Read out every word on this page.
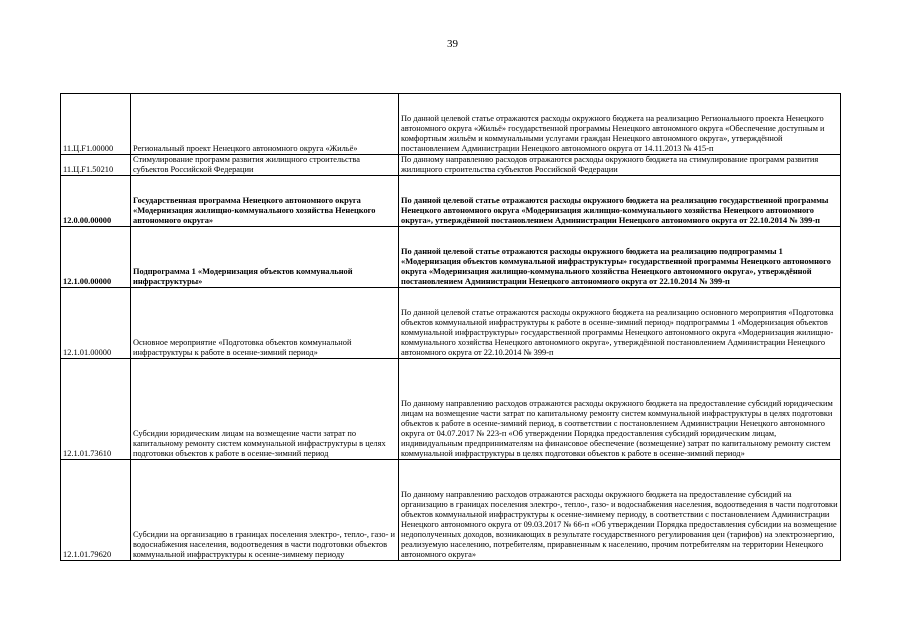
39
11.Ц.F1.00000	Региональный проект Ненецкого автономного округа «Жильё»	По данной целевой статье отражаются расходы окружного бюджета на реализацию Регионального проекта Ненецкого автономного округа «Жильё» государственной программы Ненецкого автономного округа «Обеспечение доступным и комфортным жильём и коммунальными услугами граждан Ненецкого автономного округа», утверждённой постановлением Администрации Ненецкого автономного округа от 14.11.2013 № 415-п
11.Ц.F1.50210	Стимулирование программ развития жилищного строительства субъектов Российской Федерации	По данному направлению расходов отражаются расходы окружного бюджета на стимулирование программ развития жилищного строительства субъектов Российской Федерации
12.0.00.00000	Государственная программа Ненецкого автономного округа «Модернизация жилищно-коммунального хозяйства Ненецкого автономного округа»	По данной целевой статье отражаются расходы окружного бюджета на реализацию государственной программы Ненецкого автономного округа «Модернизация жилищно-коммунального хозяйства Ненецкого автономного округа», утверждённой постановлением Администрации Ненецкого автономного округа от 22.10.2014 № 399-п
12.1.00.00000	Подпрограмма 1 «Модернизация объектов коммунальной инфраструктуры»	По данной целевой статье отражаются расходы окружного бюджета на реализацию подпрограммы 1 «Модернизация объектов коммунальной инфраструктуры» государственной программы Ненецкого автономного округа «Модернизация жилищно-коммунального хозяйства Ненецкого автономного округа», утверждённой постановлением Администрации Ненецкого автономного округа от 22.10.2014 № 399-п
12.1.01.00000	Основное мероприятие «Подготовка объектов коммунальной инфраструктуры к работе в осенне-зимний период»	По данной целевой статье отражаются расходы окружного бюджета на реализацию основного мероприятия «Подготовка объектов коммунальной инфраструктуры к работе в осенне-зимний период» подпрограммы 1 «Модернизация объектов коммунальной инфраструктуры» государственной программы Ненецкого автономного округа «Модернизация жилищно-коммунального хозяйства Ненецкого автономного округа», утверждённой постановлением Администрации Ненецкого автономного округа от 22.10.2014 № 399-п
12.1.01.73610	Субсидии юридическим лицам на возмещение части затрат по капитальному ремонту систем коммунальной инфраструктуры в целях подготовки объектов к работе в осенне-зимний период	По данному направлению расходов отражаются расходы окружного бюджета на предоставление субсидий юридическим лицам на возмещение части затрат по капитальному ремонту систем коммунальной инфраструктуры в целях подготовки объектов к работе в осенне-зимний период, в соответствии с постановлением Администрации Ненецкого автономного округа от 04.07.2017 № 223-п «Об утверждении Порядка предоставления субсидий юридическим лицам, индивидуальным предпринимателям на финансовое обеспечение (возмещение) затрат по капитальному ремонту систем коммунальной инфраструктуры в целях подготовки объектов к работе в осенне-зимний период»
12.1.01.79620	Субсидии на организацию в границах поселения электро-, тепло-, газо- и водоснабжения населения, водоотведения в части подготовки объектов коммунальной инфраструктуры к осенне-зимнему периоду	По данному направлению расходов отражаются расходы окружного бюджета на предоставление субсидий на организацию в границах поселения электро-, тепло-, газо- и водоснабжения населения, водоотведения в части подготовки объектов коммунальной инфраструктуры к осенне-зимнему периоду, в соответствии с постановлением Администрации Ненецкого автономного округа от 09.03.2017 № 66-п «Об утверждении Порядка предоставления субсидии на возмещение недополученных доходов, возникающих в результате государственного регулирования цен (тарифов) на электроэнергию, реализуемую населению, потребителям, приравненным к населению, прочим потребителям на территории Ненецкого автономного округа»
